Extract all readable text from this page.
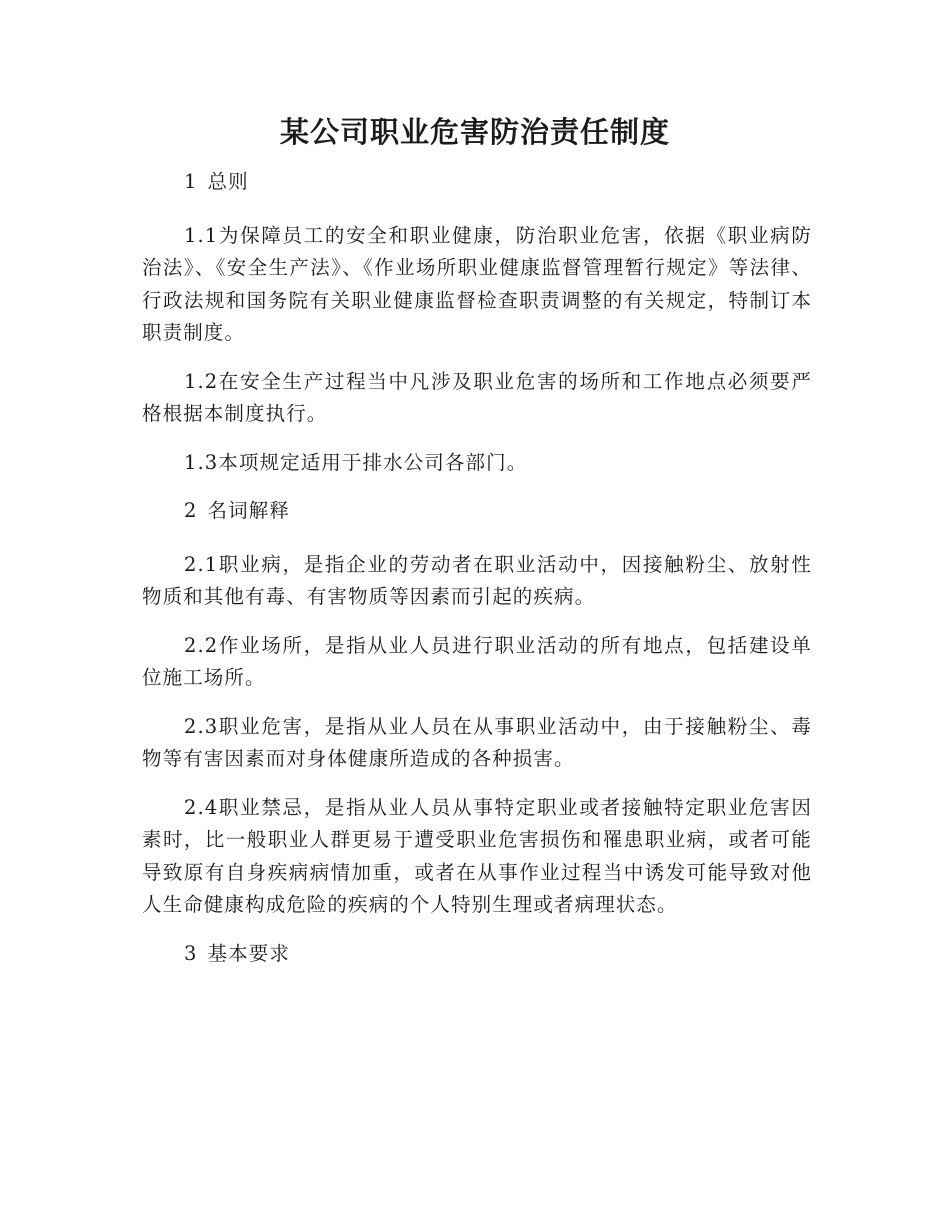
某公司职业危害防治责任制度
1 总则

1.1为保障员工的安全和职业健康，防治职业危害，依据《职业病防治法》、《安全生产法》、《作业场所职业健康监督管理暂行规定》等法律、行政法规和国务院有关职业健康监督检查职责调整的有关规定，特制订本职责制度。

1.2在安全生产过程当中凡涉及职业危害的场所和工作地点必须要严格根据本制度执行。

1.3本项规定适用于排水公司各部门。

2 名词解释

2.1职业病，是指企业的劳动者在职业活动中，因接触粉尘、放射性物质和其他有毒、有害物质等因素而引起的疾病。

2.2作业场所，是指从业人员进行职业活动的所有地点，包括建设单位施工场所。

2.3职业危害，是指从业人员在从事职业活动中，由于接触粉尘、毒物等有害因素而对身体健康所造成的各种损害。

2.4职业禁忌，是指从业人员从事特定职业或者接触特定职业危害因素时，比一般职业人群更易于遭受职业危害损伤和罹患职业病，或者可能导致原有自身疾病病情加重，或者在从事作业过程当中诱发可能导致对他人生命健康构成危险的疾病的个人特别生理或者病理状态。

3 基本要求
